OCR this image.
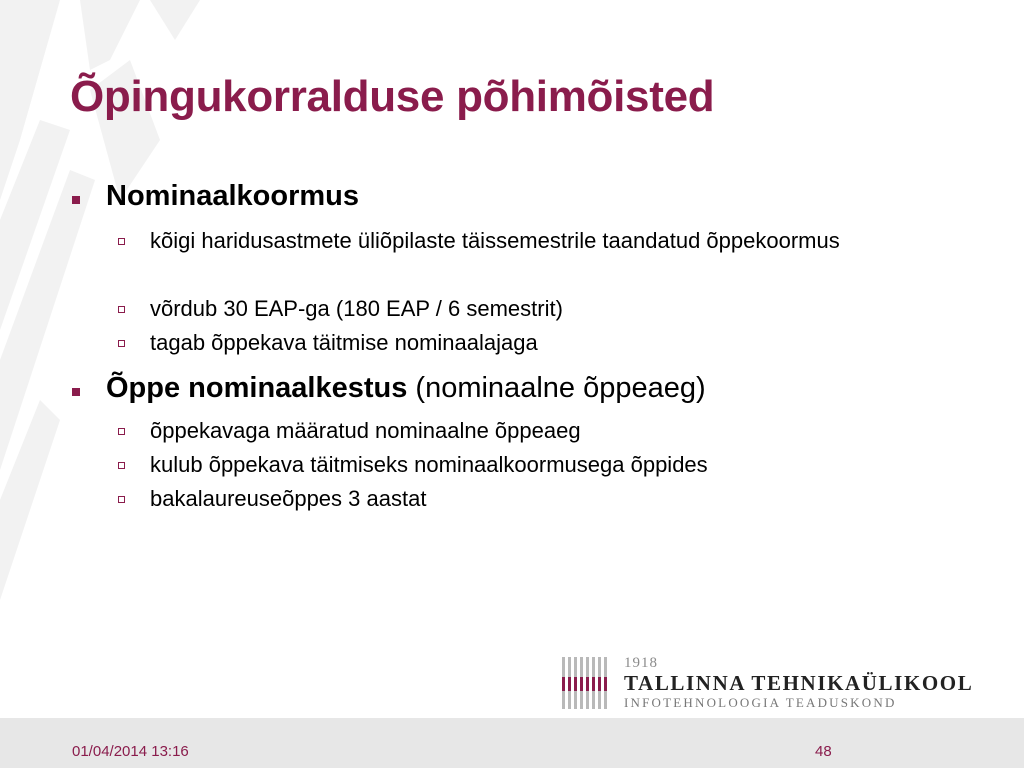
Õpingukorralduse põhimõisted
Nominaalkoormus
kõigi haridusastmete üliõpilaste täissemestrile taandatud õppekoormus
võrdub 30 EAP-ga (180 EAP / 6 semestrit)
tagab õppekava täitmise nominaalajaga
Õppe nominaalkestus (nominaalne õppeaeg)
õppekavaga määratud nominaalne õppeaeg
kulub õppekava täitmiseks nominaalkoormusega õppides
bakalaureuseõppes 3 aastat
1918
TALLINNA TEHNIKAÜLIKOOL
INFOTEHNOLOOGIA TEADUSKOND
01/04/2014 13:16	48
